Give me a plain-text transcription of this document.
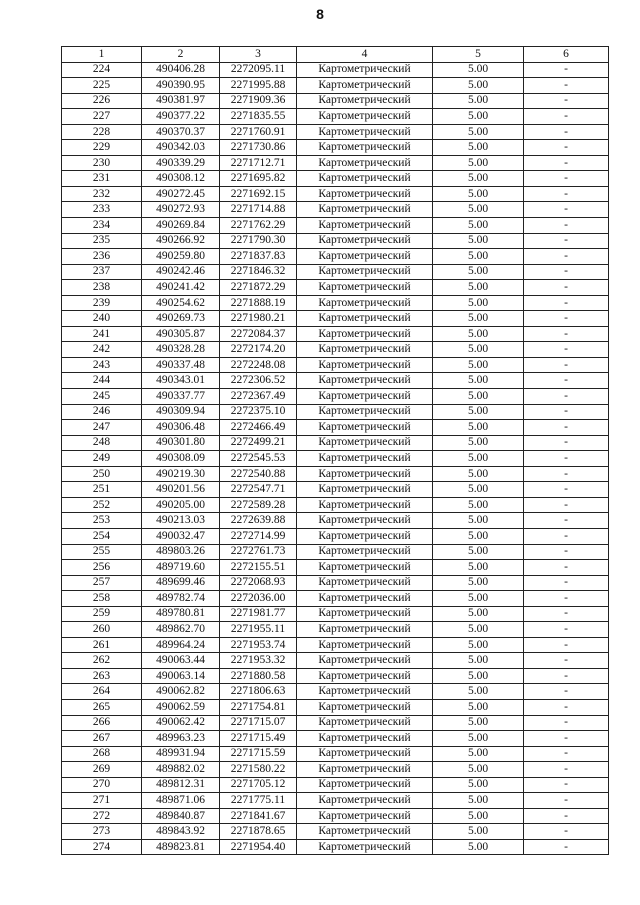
8
1	2	3	4	5	6
224	490406.28	2272095.11	Картометрический	5.00	-
225	490390.95	2271995.88	Картометрический	5.00	-
226	490381.97	2271909.36	Картометрический	5.00	-
227	490377.22	2271835.55	Картометрический	5.00	-
228	490370.37	2271760.91	Картометрический	5.00	-
229	490342.03	2271730.86	Картометрический	5.00	-
230	490339.29	2271712.71	Картометрический	5.00	-
231	490308.12	2271695.82	Картометрический	5.00	-
232	490272.45	2271692.15	Картометрический	5.00	-
233	490272.93	2271714.88	Картометрический	5.00	-
234	490269.84	2271762.29	Картометрический	5.00	-
235	490266.92	2271790.30	Картометрический	5.00	-
236	490259.80	2271837.83	Картометрический	5.00	-
237	490242.46	2271846.32	Картометрический	5.00	-
238	490241.42	2271872.29	Картометрический	5.00	-
239	490254.62	2271888.19	Картометрический	5.00	-
240	490269.73	2271980.21	Картометрический	5.00	-
241	490305.87	2272084.37	Картометрический	5.00	-
242	490328.28	2272174.20	Картометрический	5.00	-
243	490337.48	2272248.08	Картометрический	5.00	-
244	490343.01	2272306.52	Картометрический	5.00	-
245	490337.77	2272367.49	Картометрический	5.00	-
246	490309.94	2272375.10	Картометрический	5.00	-
247	490306.48	2272466.49	Картометрический	5.00	-
248	490301.80	2272499.21	Картометрический	5.00	-
249	490308.09	2272545.53	Картометрический	5.00	-
250	490219.30	2272540.88	Картометрический	5.00	-
251	490201.56	2272547.71	Картометрический	5.00	-
252	490205.00	2272589.28	Картометрический	5.00	-
253	490213.03	2272639.88	Картометрический	5.00	-
254	490032.47	2272714.99	Картометрический	5.00	-
255	489803.26	2272761.73	Картометрический	5.00	-
256	489719.60	2272155.51	Картометрический	5.00	-
257	489699.46	2272068.93	Картометрический	5.00	-
258	489782.74	2272036.00	Картометрический	5.00	-
259	489780.81	2271981.77	Картометрический	5.00	-
260	489862.70	2271955.11	Картометрический	5.00	-
261	489964.24	2271953.74	Картометрический	5.00	-
262	490063.44	2271953.32	Картометрический	5.00	-
263	490063.14	2271880.58	Картометрический	5.00	-
264	490062.82	2271806.63	Картометрический	5.00	-
265	490062.59	2271754.81	Картометрический	5.00	-
266	490062.42	2271715.07	Картометрический	5.00	-
267	489963.23	2271715.49	Картометрический	5.00	-
268	489931.94	2271715.59	Картометрический	5.00	-
269	489882.02	2271580.22	Картометрический	5.00	-
270	489812.31	2271705.12	Картометрический	5.00	-
271	489871.06	2271775.11	Картометрический	5.00	-
272	489840.87	2271841.67	Картометрический	5.00	-
273	489843.92	2271878.65	Картометрический	5.00	-
274	489823.81	2271954.40	Картометрический	5.00	-
